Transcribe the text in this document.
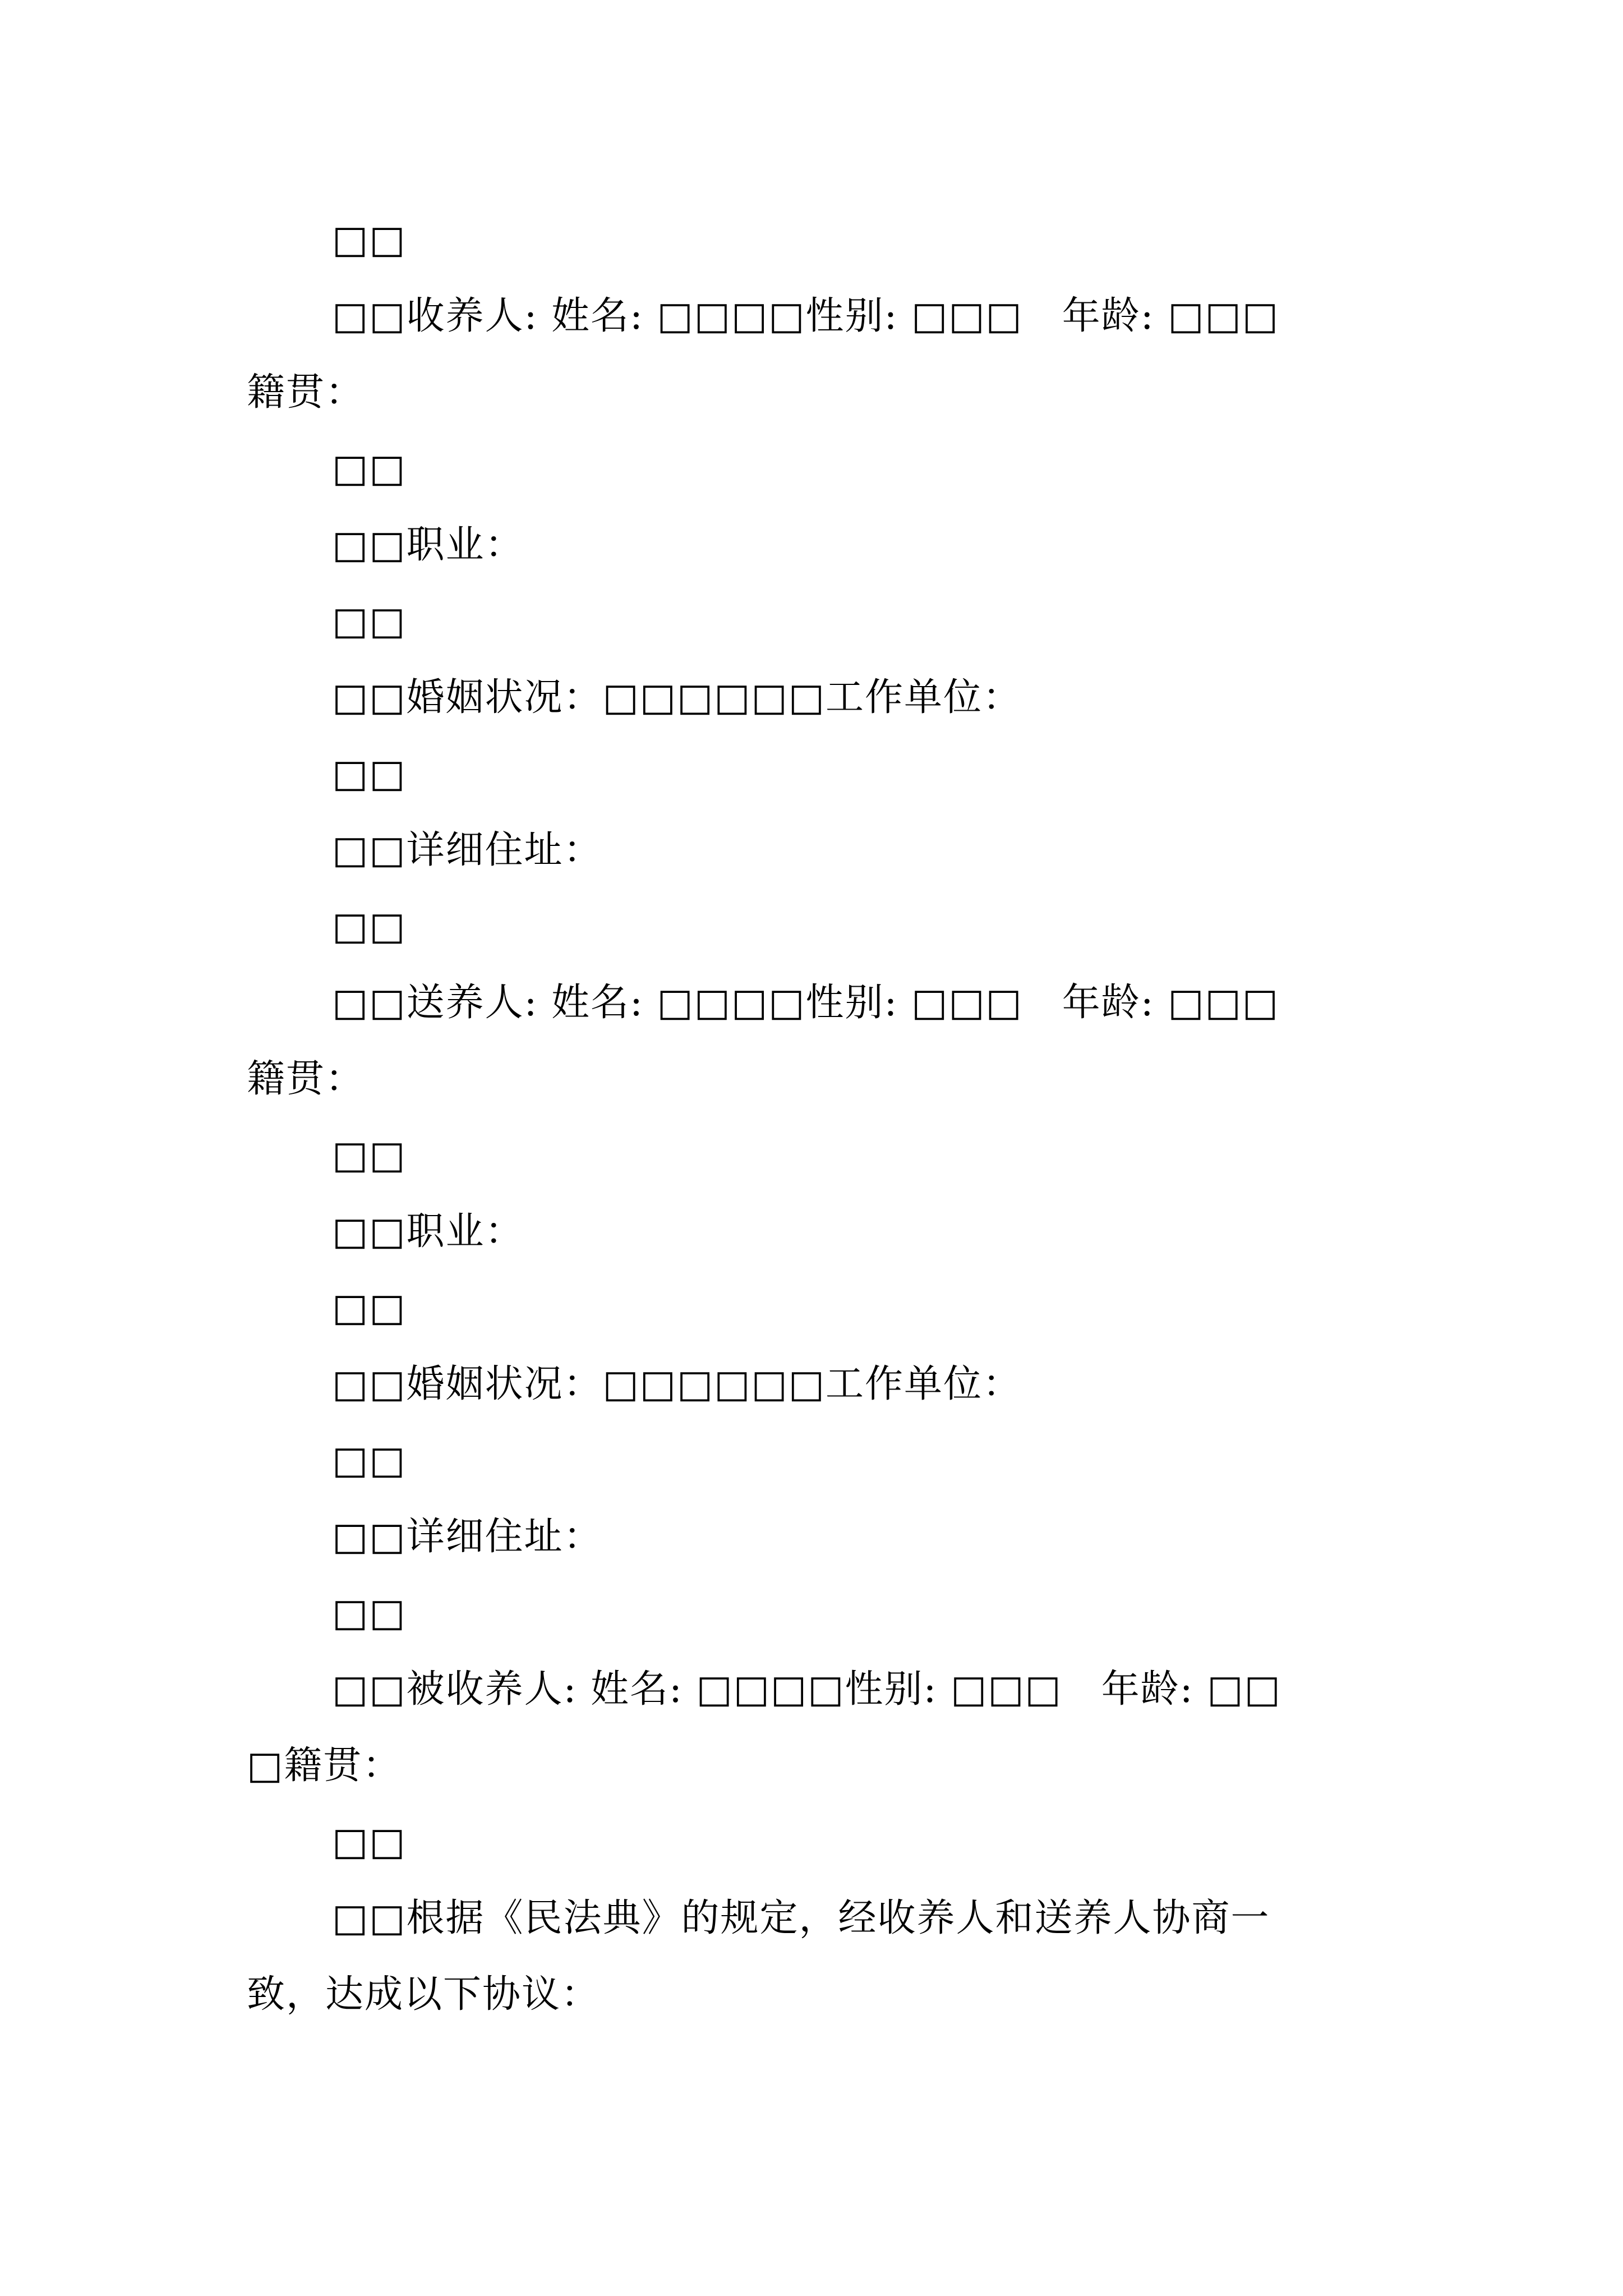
□□
□□收养人: 姓名: □□□□性别: □□□　年龄: □□□
籍贯：
□□
□□职业：
□□
□□婚姻状况：□□□□□□工作单位：
□□
□□详细住址：
□□
□□送养人: 姓名: □□□□性别: □□□　年龄: □□□
籍贯：
□□
□□职业：
□□
□□婚姻状况：□□□□□□工作单位：
□□
□□详细住址：
□□
□□被收养人: 姓名: □□□□性别: □□□　年龄: □□
□籍贯：
□□
□□根据《民法典》的规定，经收养人和送养人协商一
致，达成以下协议：
